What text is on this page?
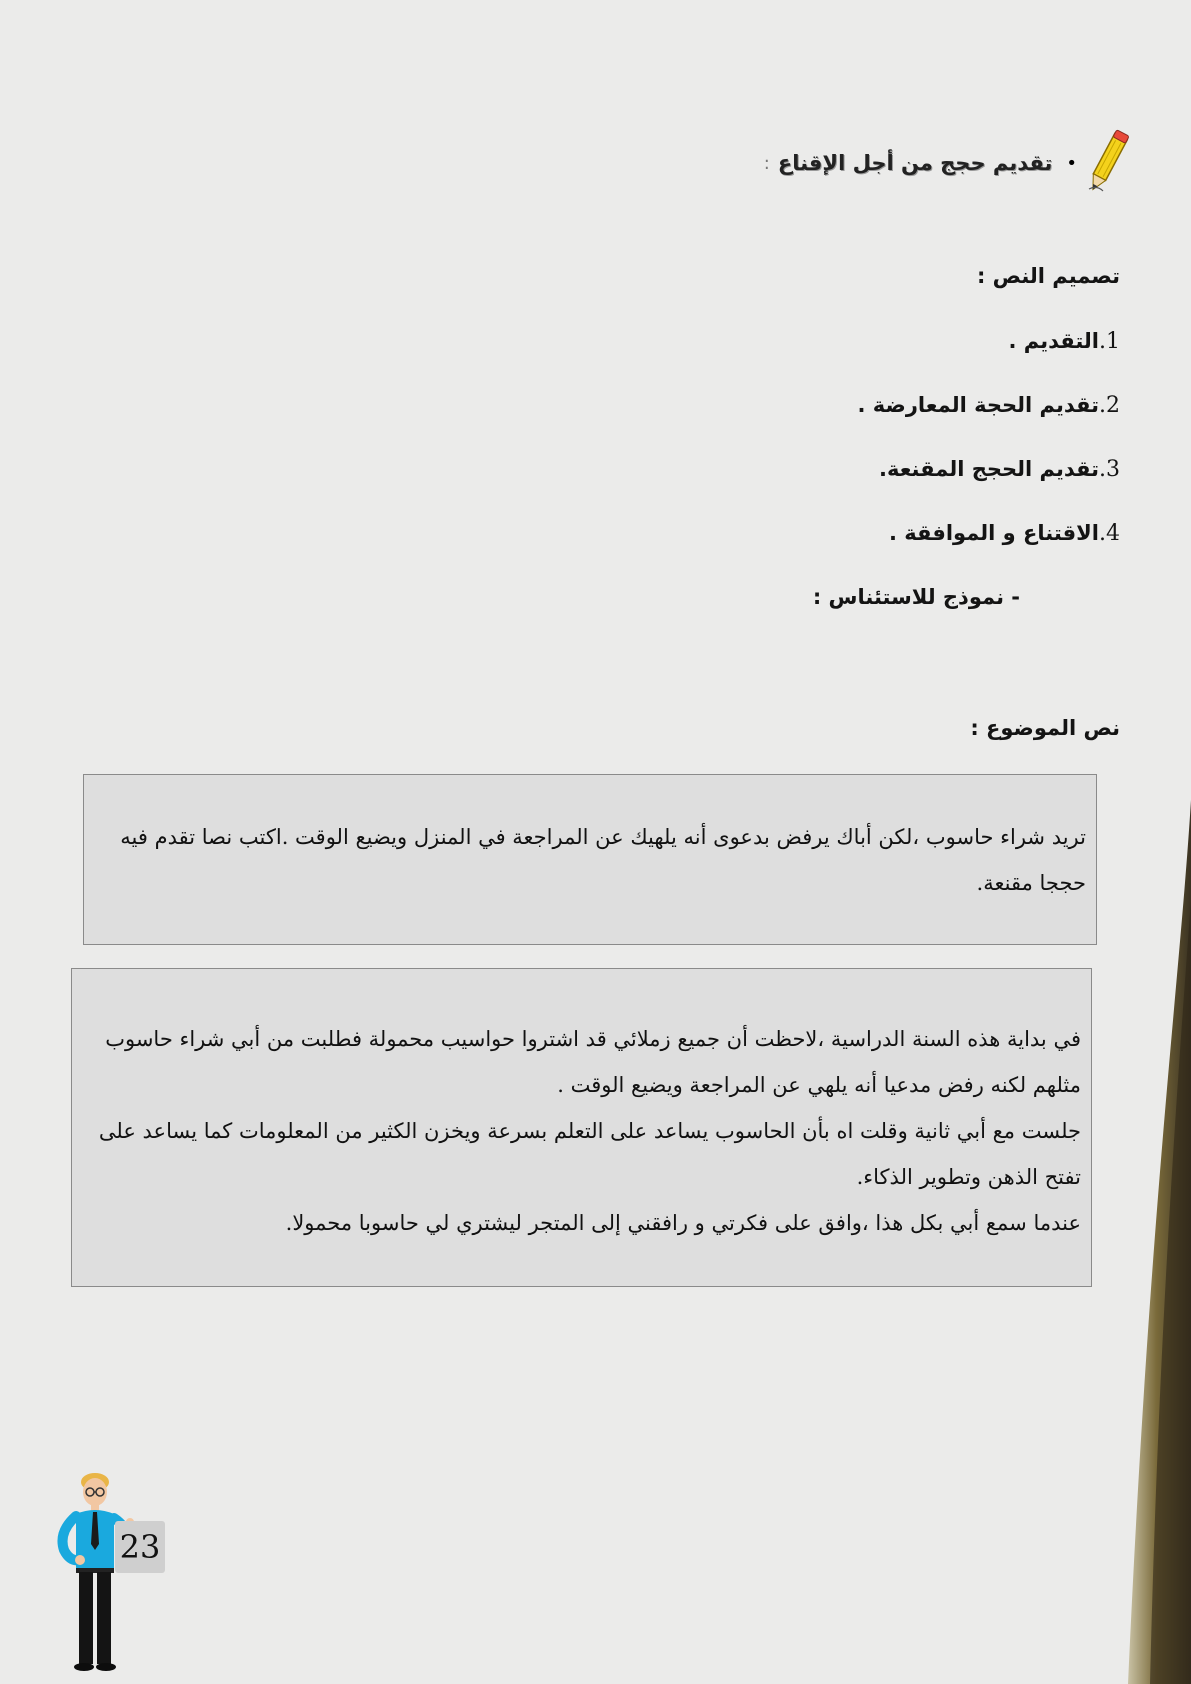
•
تقديم حجج من أجل الإقناع
:
تصميم النص :
1.التقديم .
2.تقديم الحجة المعارضة .
3.تقديم الحجج المقنعة.
4.الاقتناع و الموافقة .
- نموذج للاستئناس :
نص الموضوع :

تريد شراء حاسوب ،لكن أباك يرفض بدعوى أنه يلهيك عن المراجعة في المنزل ويضيع الوقت .اكتب نصا تقدم فيه حججا مقنعة.

في بداية هذه السنة الدراسية ،لاحظت أن جميع زملائي قد اشتروا حواسيب محمولة فطلبت من أبي شراء حاسوب مثلهم لكنه رفض مدعيا أنه يلهي عن المراجعة ويضيع الوقت .

جلست مع أبي ثانية وقلت اه بأن الحاسوب يساعد على التعلم بسرعة ويخزن الكثير من المعلومات كما يساعد على تفتح الذهن وتطوير الذكاء.

عندما سمع أبي بكل هذا ،وافق على فكرتي و رافقني إلى المتجر ليشتري لي حاسوبا محمولا.

23
